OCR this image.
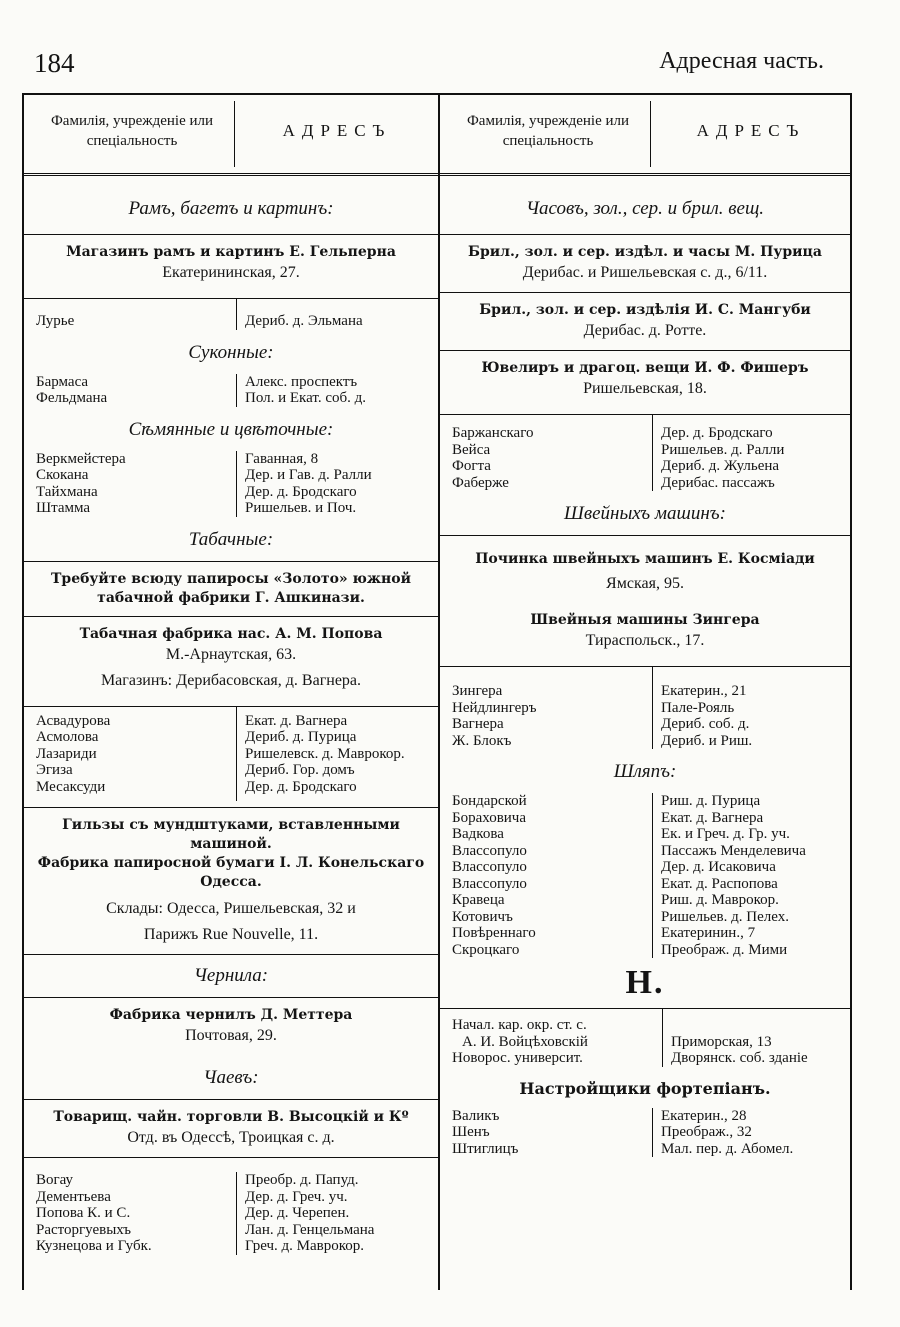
184	Адресная часть.
Фамилія, учрежденіе или спеціальность
АДРЕСЪ
Рамъ, багетъ и картинъ:
Магазинъ рамъ и картинъ Е. Гельперна
Екатерининская, 27.
Лурье	Дериб. д. Эльмана
Суконные:
Бармаса	Алекс. проспектъ
Фельдмана	Пол. и Екат. соб. д.
Сѣмянные и цвѣточные:
Веркмейстера	Гаванная, 8
Скокана	Дер. и Гав. д. Ралли
Тайхмана	Дер. д. Бродскаго
Штамма	Ришельев. и Поч.
Табачные:
Требуйте всюду папиросы «Золото» южной табачной фабрики Г. Ашкинази.
Табачная фабрика нас. А. М. Попова
М.-Арнаутская, 63.
Магазинъ: Дерибасовская, д. Вагнера.
Асвадурова	Екат. д. Вагнера
Асмолова	Дериб. д. Пурица
Лазариди	Ришелевск. д. Маврокор.
Эгиза	Дериб. Гор. домъ
Месаксуди	Дер. д. Бродскаго
Гильзы съ мундштуками, вставленными машиной.
Фабрика папиросной бумаги І. Л. Конельскаго
Одесса.
Склады: Одесса, Ришельевская, 32 и
Парижъ Rue Nouvelle, 11.
Чернила:
Фабрика чернилъ Д. Меттера
Почтовая, 29.
Чаевъ:
Товарищ. чайн. торговли В. Высоцкій и Кº
Отд. въ Одессѣ, Троицкая с. д.
Вогау	Преобр. д. Папуд.
Дементьева	Дер. д. Греч. уч.
Попова К. и С.	Дер. д. Черепен.
Расторгуевыхъ	Лан. д. Генцельмана
Кузнецова и Губк.	Греч. д. Маврокор.
Фамилія, учрежденіе или спеціальность
АДРЕСЪ
Часовъ, зол., сер. и брил. вещ.
Брил., зол. и сер. издѣл. и часы М. Пурица
Дерибас. и Ришельевская с. д., 6/11.
Брил., зол. и сер. издѣлія И. С. Мангуби
Дерибас. д. Ротте.
Ювелиръ и драгоц. вещи И. Ф. Фишеръ
Ришельевская, 18.
Баржанскаго	Дер. д. Бродскаго
Вейса	Ришельев. д. Ралли
Фогта	Дериб. д. Жульена
Фаберже	Дерибас. пассажъ
Швейныхъ машинъ:
Починка швейныхъ машинъ Е. Космiади
Ямская, 95.
Швейныя машины Зингера
Тираспольск., 17.
Зингера	Екатерин., 21
Нейдлингеръ	Пале-Рояль
Вагнера	Дериб. соб. д.
Ж. Блокъ	Дериб. и Риш.
Шляпъ:
Бондарской	Риш. д. Пурица
Бораховича	Екат. д. Вагнера
Вадкова	Ек. и Греч. д. Гр. уч.
Влассопуло	Пассажъ Менделевича
Влассопуло	Дер. д. Исаковича
Влассопуло	Екат. д. Распопова
Кравеца	Риш. д. Маврокор.
Котовичъ	Ришельев. д. Пелех.
Повѣреннаго	Екатеринин., 7
Скроцкаго	Преображ. д. Мими
Н.
Начал. кар. окр. ст. с.	
А. И. Войцѣховскій	Приморская, 13
Новорос. университ.	Дворянск. соб. зданіе
Настройщики фортепіанъ.
Валикъ	Екатерин., 28
Шенъ	Преображ., 32
Штиглицъ	Мал. пер. д. Абомел.
